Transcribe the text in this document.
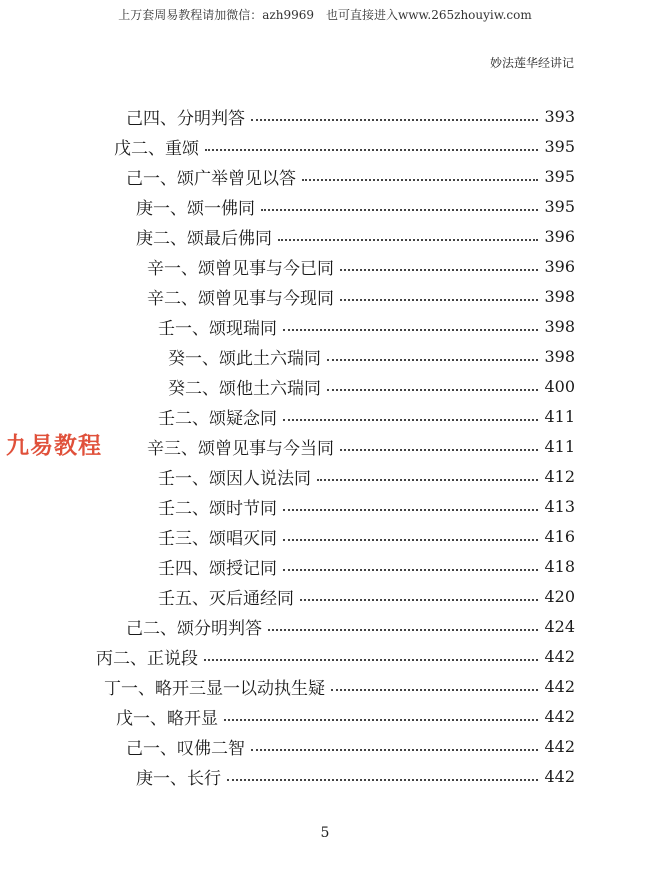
上万套周易教程请加微信：azh9969　也可直接进入www.265zhouyiw.com
妙法莲华经讲记
九易教程
己四、分明判答	393
戊二、重颂	395
己一、颂广举曾见以答	395
庚一、颂一佛同	395
庚二、颂最后佛同	396
辛一、颂曾见事与今已同	396
辛二、颂曾见事与今现同	398
壬一、颂现瑞同	398
癸一、颂此土六瑞同	398
癸二、颂他土六瑞同	400
壬二、颂疑念同	411
辛三、颂曾见事与今当同	411
壬一、颂因人说法同	412
壬二、颂时节同	413
壬三、颂唱灭同	416
壬四、颂授记同	418
壬五、灭后通经同	420
己二、颂分明判答	424
丙二、正说段	442
丁一、略开三显一以动执生疑	442
戊一、略开显	442
己一、叹佛二智	442
庚一、长行	442
5
